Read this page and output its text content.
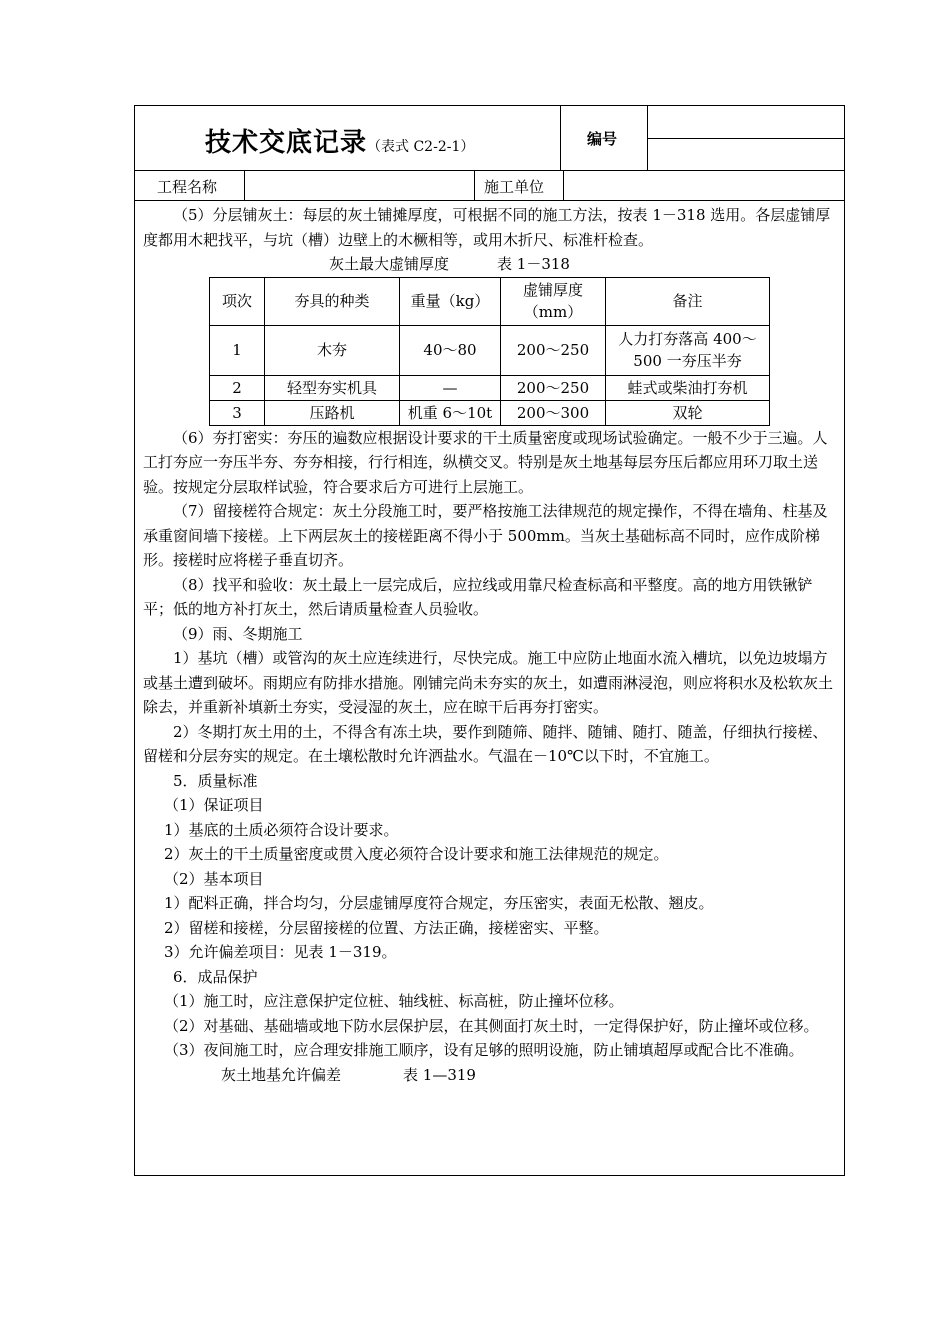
技术交底记录（表式 C2-2-1）	编号
工程名称	施工单位

（5）分层铺灰土：每层的灰土铺摊厚度，可根据不同的施工方法，按表 1－318 选用。各层虚铺厚度都用木耙找平，与坑（槽）边壁上的木橛相等，或用木折尺、标准杆检查。

灰土最大虚铺厚度	表 1－318

项次	夯具的种类	重量（kg）	虚铺厚度（mm）	备注
1	木夯	40～80	200～250	人力打夯落高 400～500 一夯压半夯
2	轻型夯实机具	—	200～250	蛙式或柴油打夯机
3	压路机	机重 6～10t	200～300	双轮

（6）夯打密实：夯压的遍数应根据设计要求的干土质量密度或现场试验确定。一般不少于三遍。人工打夯应一夯压半夯、夯夯相接，行行相连，纵横交叉。特别是灰土地基每层夯压后都应用环刀取土送验。按规定分层取样试验，符合要求后方可进行上层施工。

（7）留接槎符合规定：灰土分段施工时，要严格按施工法律规范的规定操作，不得在墙角、柱基及承重窗间墙下接槎。上下两层灰土的接槎距离不得小于 500mm。当灰土基础标高不同时，应作成阶梯形。接槎时应将槎子垂直切齐。

（8）找平和验收：灰土最上一层完成后，应拉线或用靠尺检查标高和平整度。高的地方用铁锹铲平；低的地方补打灰土，然后请质量检查人员验收。

（9）雨、冬期施工

1）基坑（槽）或管沟的灰土应连续进行，尽快完成。施工中应防止地面水流入槽坑，以免边坡塌方或基土遭到破坏。雨期应有防排水措施。刚铺完尚未夯实的灰土，如遭雨淋浸泡，则应将积水及松软灰土除去，并重新补填新土夯实，受浸湿的灰土，应在晾干后再夯打密实。

2）冬期打灰土用的土，不得含有冻土块，要作到随筛、随拌、随铺、随打、随盖，仔细执行接槎、留槎和分层夯实的规定。在土壤松散时允许洒盐水。气温在－10℃以下时，不宜施工。

5．质量标准

（1）保证项目

1）基底的土质必须符合设计要求。

2）灰土的干土质量密度或贯入度必须符合设计要求和施工法律规范的规定。

（2）基本项目

1）配料正确，拌合均匀，分层虚铺厚度符合规定，夯压密实，表面无松散、翘皮。

2）留槎和接槎，分层留接槎的位置、方法正确，接槎密实、平整。

3）允许偏差项目：见表 1－319。

6．成品保护

（1）施工时，应注意保护定位桩、轴线桩、标高桩，防止撞坏位移。

（2）对基础、基础墙或地下防水层保护层，在其侧面打灰土时，一定得保护好，防止撞坏或位移。

（3）夜间施工时，应合理安排施工顺序，设有足够的照明设施，防止铺填超厚或配合比不准确。

灰土地基允许偏差	表 1—319
